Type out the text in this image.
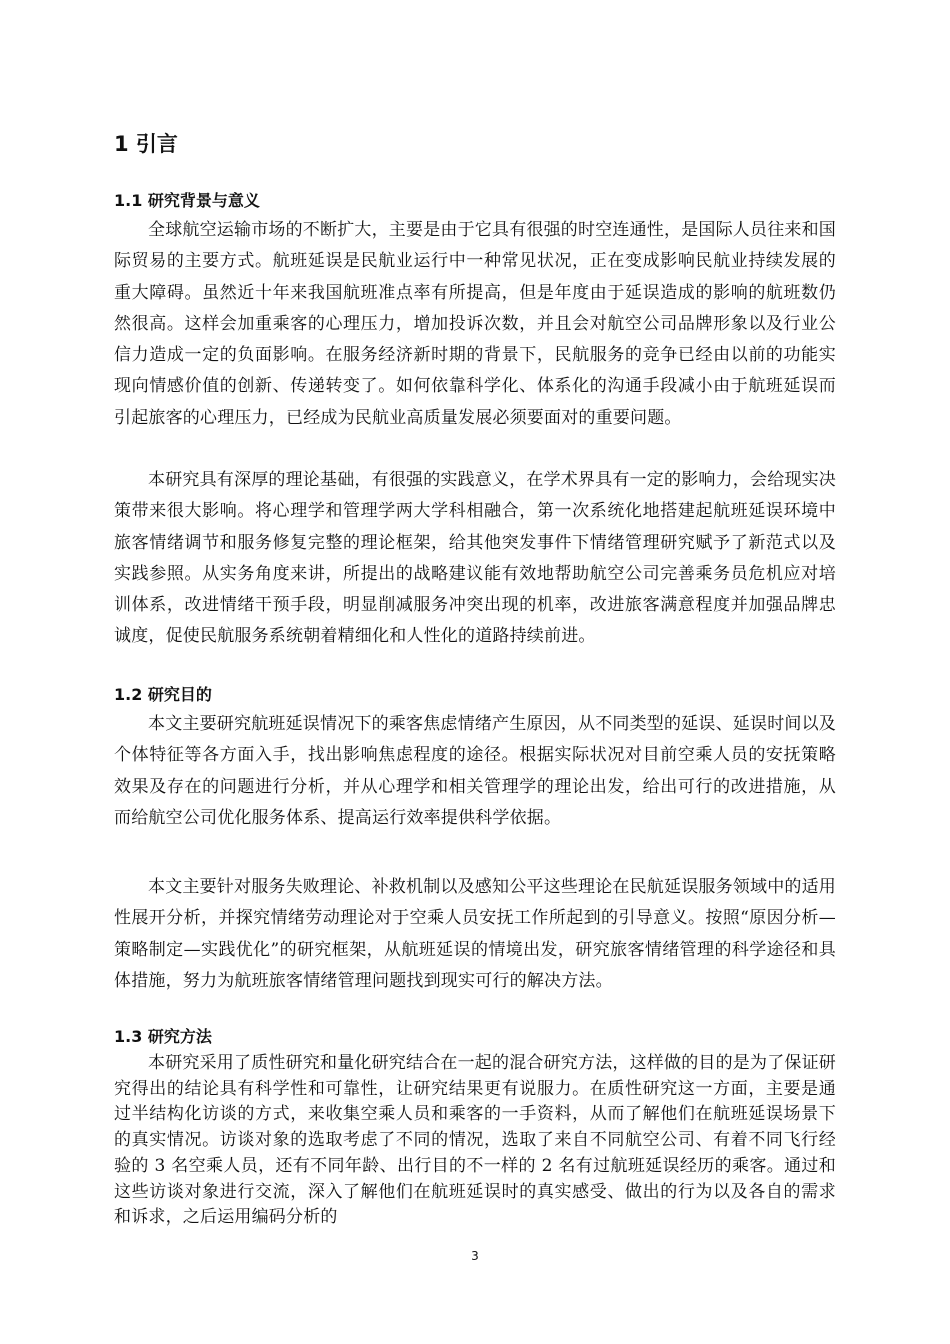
1 引言
1.1 研究背景与意义

全球航空运输市场的不断扩大，主要是由于它具有很强的时空连通性，是国际人员往来和国际贸易的主要方式。航班延误是民航业运行中一种常见状况，正在变成影响民航业持续发展的重大障碍。虽然近十年来我国航班准点率有所提高，但是年度由于延误造成的影响的航班数仍然很高。这样会加重乘客的心理压力，增加投诉次数，并且会对航空公司品牌形象以及行业公信力造成一定的负面影响。在服务经济新时期的背景下，民航服务的竞争已经由以前的功能实现向情感价值的创新、传递转变了。如何依靠科学化、体系化的沟通手段减小由于航班延误而引起旅客的心理压力，已经成为民航业高质量发展必须要面对的重要问题。

本研究具有深厚的理论基础，有很强的实践意义，在学术界具有一定的影响力，会给现实决策带来很大影响。将心理学和管理学两大学科相融合，第一次系统化地搭建起航班延误环境中旅客情绪调节和服务修复完整的理论框架，给其他突发事件下情绪管理研究赋予了新范式以及实践参照。从实务角度来讲，所提出的战略建议能有效地帮助航空公司完善乘务员危机应对培训体系，改进情绪干预手段，明显削减服务冲突出现的机率，改进旅客满意程度并加强品牌忠诚度，促使民航服务系统朝着精细化和人性化的道路持续前进。

1.2 研究目的

本文主要研究航班延误情况下的乘客焦虑情绪产生原因，从不同类型的延误、延误时间以及个体特征等各方面入手，找出影响焦虑程度的途径。根据实际状况对目前空乘人员的安抚策略效果及存在的问题进行分析，并从心理学和相关管理学的理论出发，给出可行的改进措施，从而给航空公司优化服务体系、提高运行效率提供科学依据。

本文主要针对服务失败理论、补救机制以及感知公平这些理论在民航延误服务领域中的适用性展开分析，并探究情绪劳动理论对于空乘人员安抚工作所起到的引导意义。按照“原因分析—策略制定—实践优化”的研究框架，从航班延误的情境出发，研究旅客情绪管理的科学途径和具体措施，努力为航班旅客情绪管理问题找到现实可行的解决方法。

1.3 研究方法

本研究采用了质性研究和量化研究结合在一起的混合研究方法，这样做的目的是为了保证研究得出的结论具有科学性和可靠性，让研究结果更有说服力。在质性研究这一方面，主要是通过半结构化访谈的方式，来收集空乘人员和乘客的一手资料，从而了解他们在航班延误场景下的真实情况。访谈对象的选取考虑了不同的情况，选取了来自不同航空公司、有着不同飞行经验的 3 名空乘人员，还有不同年龄、出行目的不一样的 2 名有过航班延误经历的乘客。通过和这些访谈对象进行交流，深入了解他们在航班延误时的真实感受、做出的行为以及各自的需求和诉求，之后运用编码分析的

3
